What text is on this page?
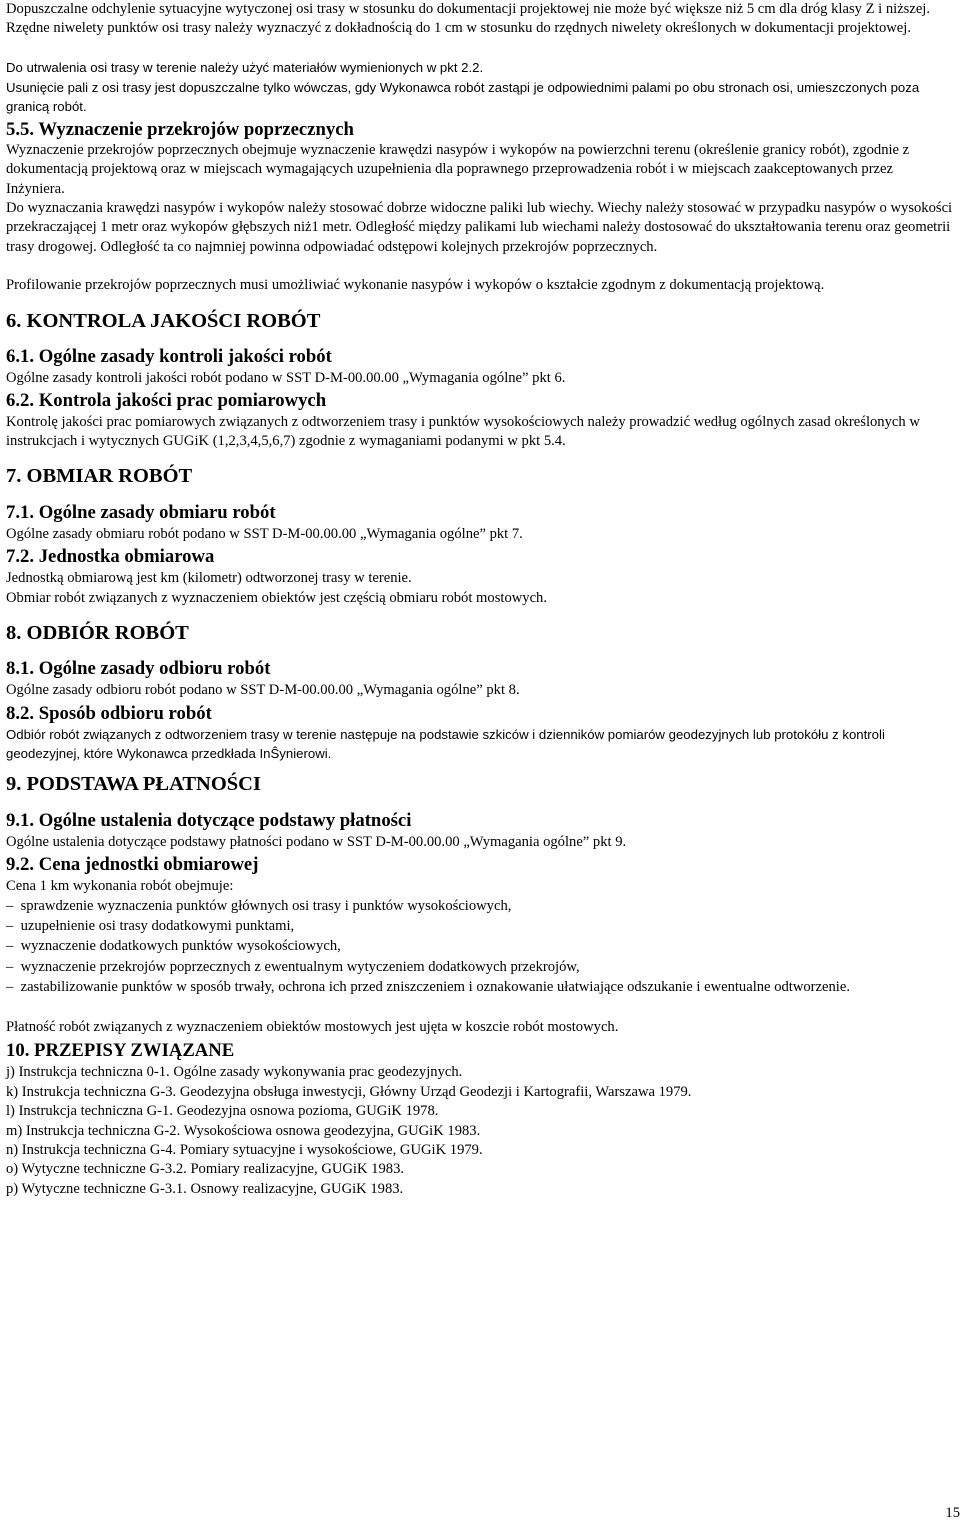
Dopuszczalne odchylenie sytuacyjne wytyczonej osi trasy w stosunku do dokumentacji projektowej nie może być większe niż 5 cm dla dróg klasy Z i niższej. Rzędne niwelety punktów osi trasy należy wyznaczyć z dokładnością do 1 cm w stosunku do rzędnych niwelety określonych w dokumentacji projektowej.

Do utrwalenia osi trasy w terenie należy użyć materiałów wymienionych w pkt 2.2.

Usunięcie pali z osi trasy jest dopuszczalne tylko wówczas, gdy Wykonawca robót zastąpi je odpowiednimi palami po obu stronach osi, umieszczonych poza granicą robót.

5.5. Wyznaczenie przekrojów poprzecznych

Wyznaczenie przekrojów poprzecznych obejmuje wyznaczenie krawędzi nasypów i wykopów na powierzchni terenu (określenie granicy robót), zgodnie z dokumentacją projektową oraz w miejscach wymagających uzupełnienia dla poprawnego przeprowadzenia robót i w miejscach zaakceptowanych przez Inżyniera.

Do wyznaczania krawędzi nasypów i wykopów należy stosować dobrze widoczne paliki lub wiechy. Wiechy należy stosować w przypadku nasypów o wysokości przekraczającej 1 metr oraz wykopów głębszych niż1 metr. Odległość między palikami lub wiechami należy dostosować do ukształtowania terenu oraz geometrii trasy drogowej. Odległość ta co najmniej powinna odpowiadać odstępowi kolejnych przekrojów poprzecznych.

Profilowanie przekrojów poprzecznych musi umożliwiać wykonanie nasypów i wykopów o kształcie zgodnym z dokumentacją projektową.

6. KONTROLA JAKOŚCI ROBÓT

6.1. Ogólne zasady kontroli jakości robót

Ogólne zasady kontroli jakości robót podano w SST D-M-00.00.00 „Wymagania ogólne” pkt 6.

6.2. Kontrola jakości prac pomiarowych

Kontrolę jakości prac pomiarowych związanych z odtworzeniem trasy i punktów wysokościowych należy prowadzić według ogólnych zasad określonych w instrukcjach i wytycznych GUGiK (1,2,3,4,5,6,7) zgodnie z wymaganiami podanymi w pkt 5.4.

7. OBMIAR ROBÓT

7.1. Ogólne zasady obmiaru robót

Ogólne zasady obmiaru robót podano w SST D-M-00.00.00 „Wymagania ogólne” pkt 7.

7.2. Jednostka obmiarowa

Jednostką obmiarową jest km (kilometr) odtworzonej trasy w terenie.

Obmiar robót związanych z wyznaczeniem obiektów jest częścią obmiaru robót mostowych.

8. ODBIÓR ROBÓT

8.1. Ogólne zasady odbioru robót

Ogólne zasady odbioru robót podano w SST D-M-00.00.00 „Wymagania ogólne” pkt 8.

8.2. Sposób odbioru robót

Odbiór robót związanych z odtworzeniem trasy w terenie następuje na podstawie szkiców i dzienników pomiarów geodezyjnych lub protokółu z kontroli geodezyjnej, które Wykonawca przedkłada InŜynierowi.

9. PODSTAWA PŁATNOŚCI

9.1. Ogólne ustalenia dotyczące podstawy płatności

Ogólne ustalenia dotyczące podstawy płatności podano w SST D-M-00.00.00 „Wymagania ogólne” pkt 9.

9.2. Cena jednostki obmiarowej

Cena 1 km wykonania robót obejmuje:

–  sprawdzenie wyznaczenia punktów głównych osi trasy i punktów wysokościowych,

–  uzupełnienie osi trasy dodatkowymi punktami,

–  wyznaczenie dodatkowych punktów wysokościowych,

–  wyznaczenie przekrojów poprzecznych z ewentualnym wytyczeniem dodatkowych przekrojów,

–  zastabilizowanie punktów w sposób trwały, ochrona ich przed zniszczeniem i oznakowanie ułatwiające odszukanie i ewentualne odtworzenie.

Płatność robót związanych z wyznaczeniem obiektów mostowych jest ujęta w koszcie robót mostowych.

10. PRZEPISY ZWIĄZANE

j) Instrukcja techniczna 0-1. Ogólne zasady wykonywania prac geodezyjnych.

k) Instrukcja techniczna G-3. Geodezyjna obsługa inwestycji, Główny Urząd Geodezji i Kartografii, Warszawa 1979.

l) Instrukcja techniczna G-1. Geodezyjna osnowa pozioma, GUGiK 1978.

m) Instrukcja techniczna G-2. Wysokościowa osnowa geodezyjna, GUGiK 1983.

n) Instrukcja techniczna G-4. Pomiary sytuacyjne i wysokościowe, GUGiK 1979.

o) Wytyczne techniczne G-3.2. Pomiary realizacyjne, GUGiK 1983.

p) Wytyczne techniczne G-3.1. Osnowy realizacyjne, GUGiK 1983.

15
